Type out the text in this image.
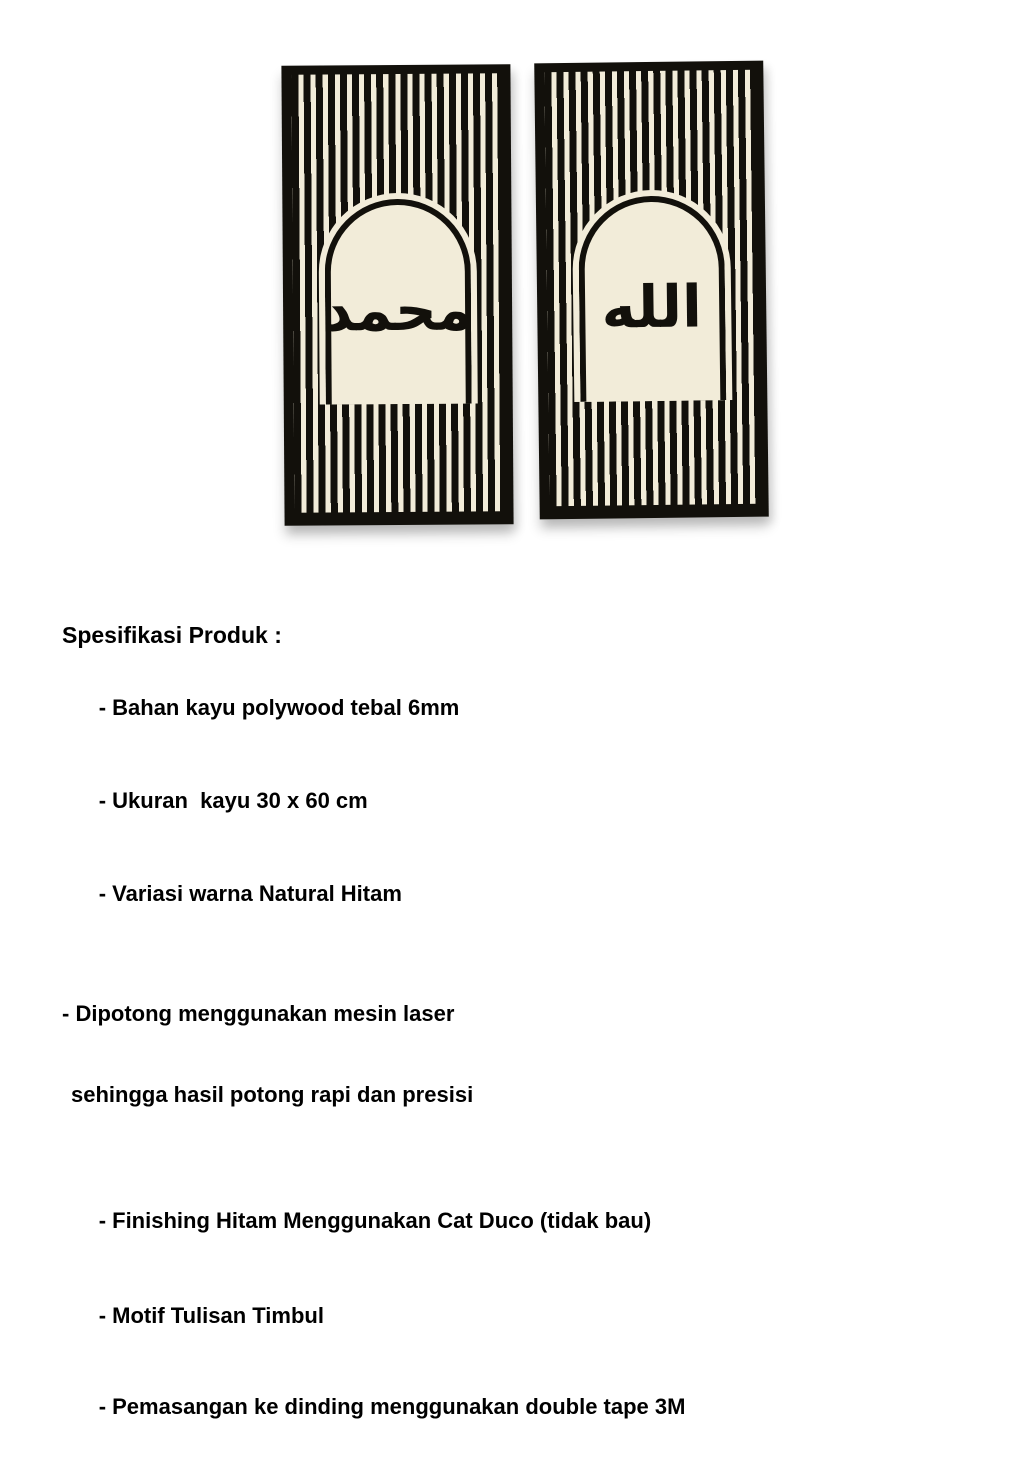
محمد الله
Spesifikasi Produk :

- Bahan kayu polywood tebal 6mm

- Ukuran  kayu 30 x 60 cm

- Variasi warna Natural Hitam

- Dipotong menggunakan mesin laser

sehingga hasil potong rapi dan presisi

- Finishing Hitam Menggunakan Cat Duco (tidak bau)

- Motif Tulisan Timbul

- Pemasangan ke dinding menggunakan double tape 3M
